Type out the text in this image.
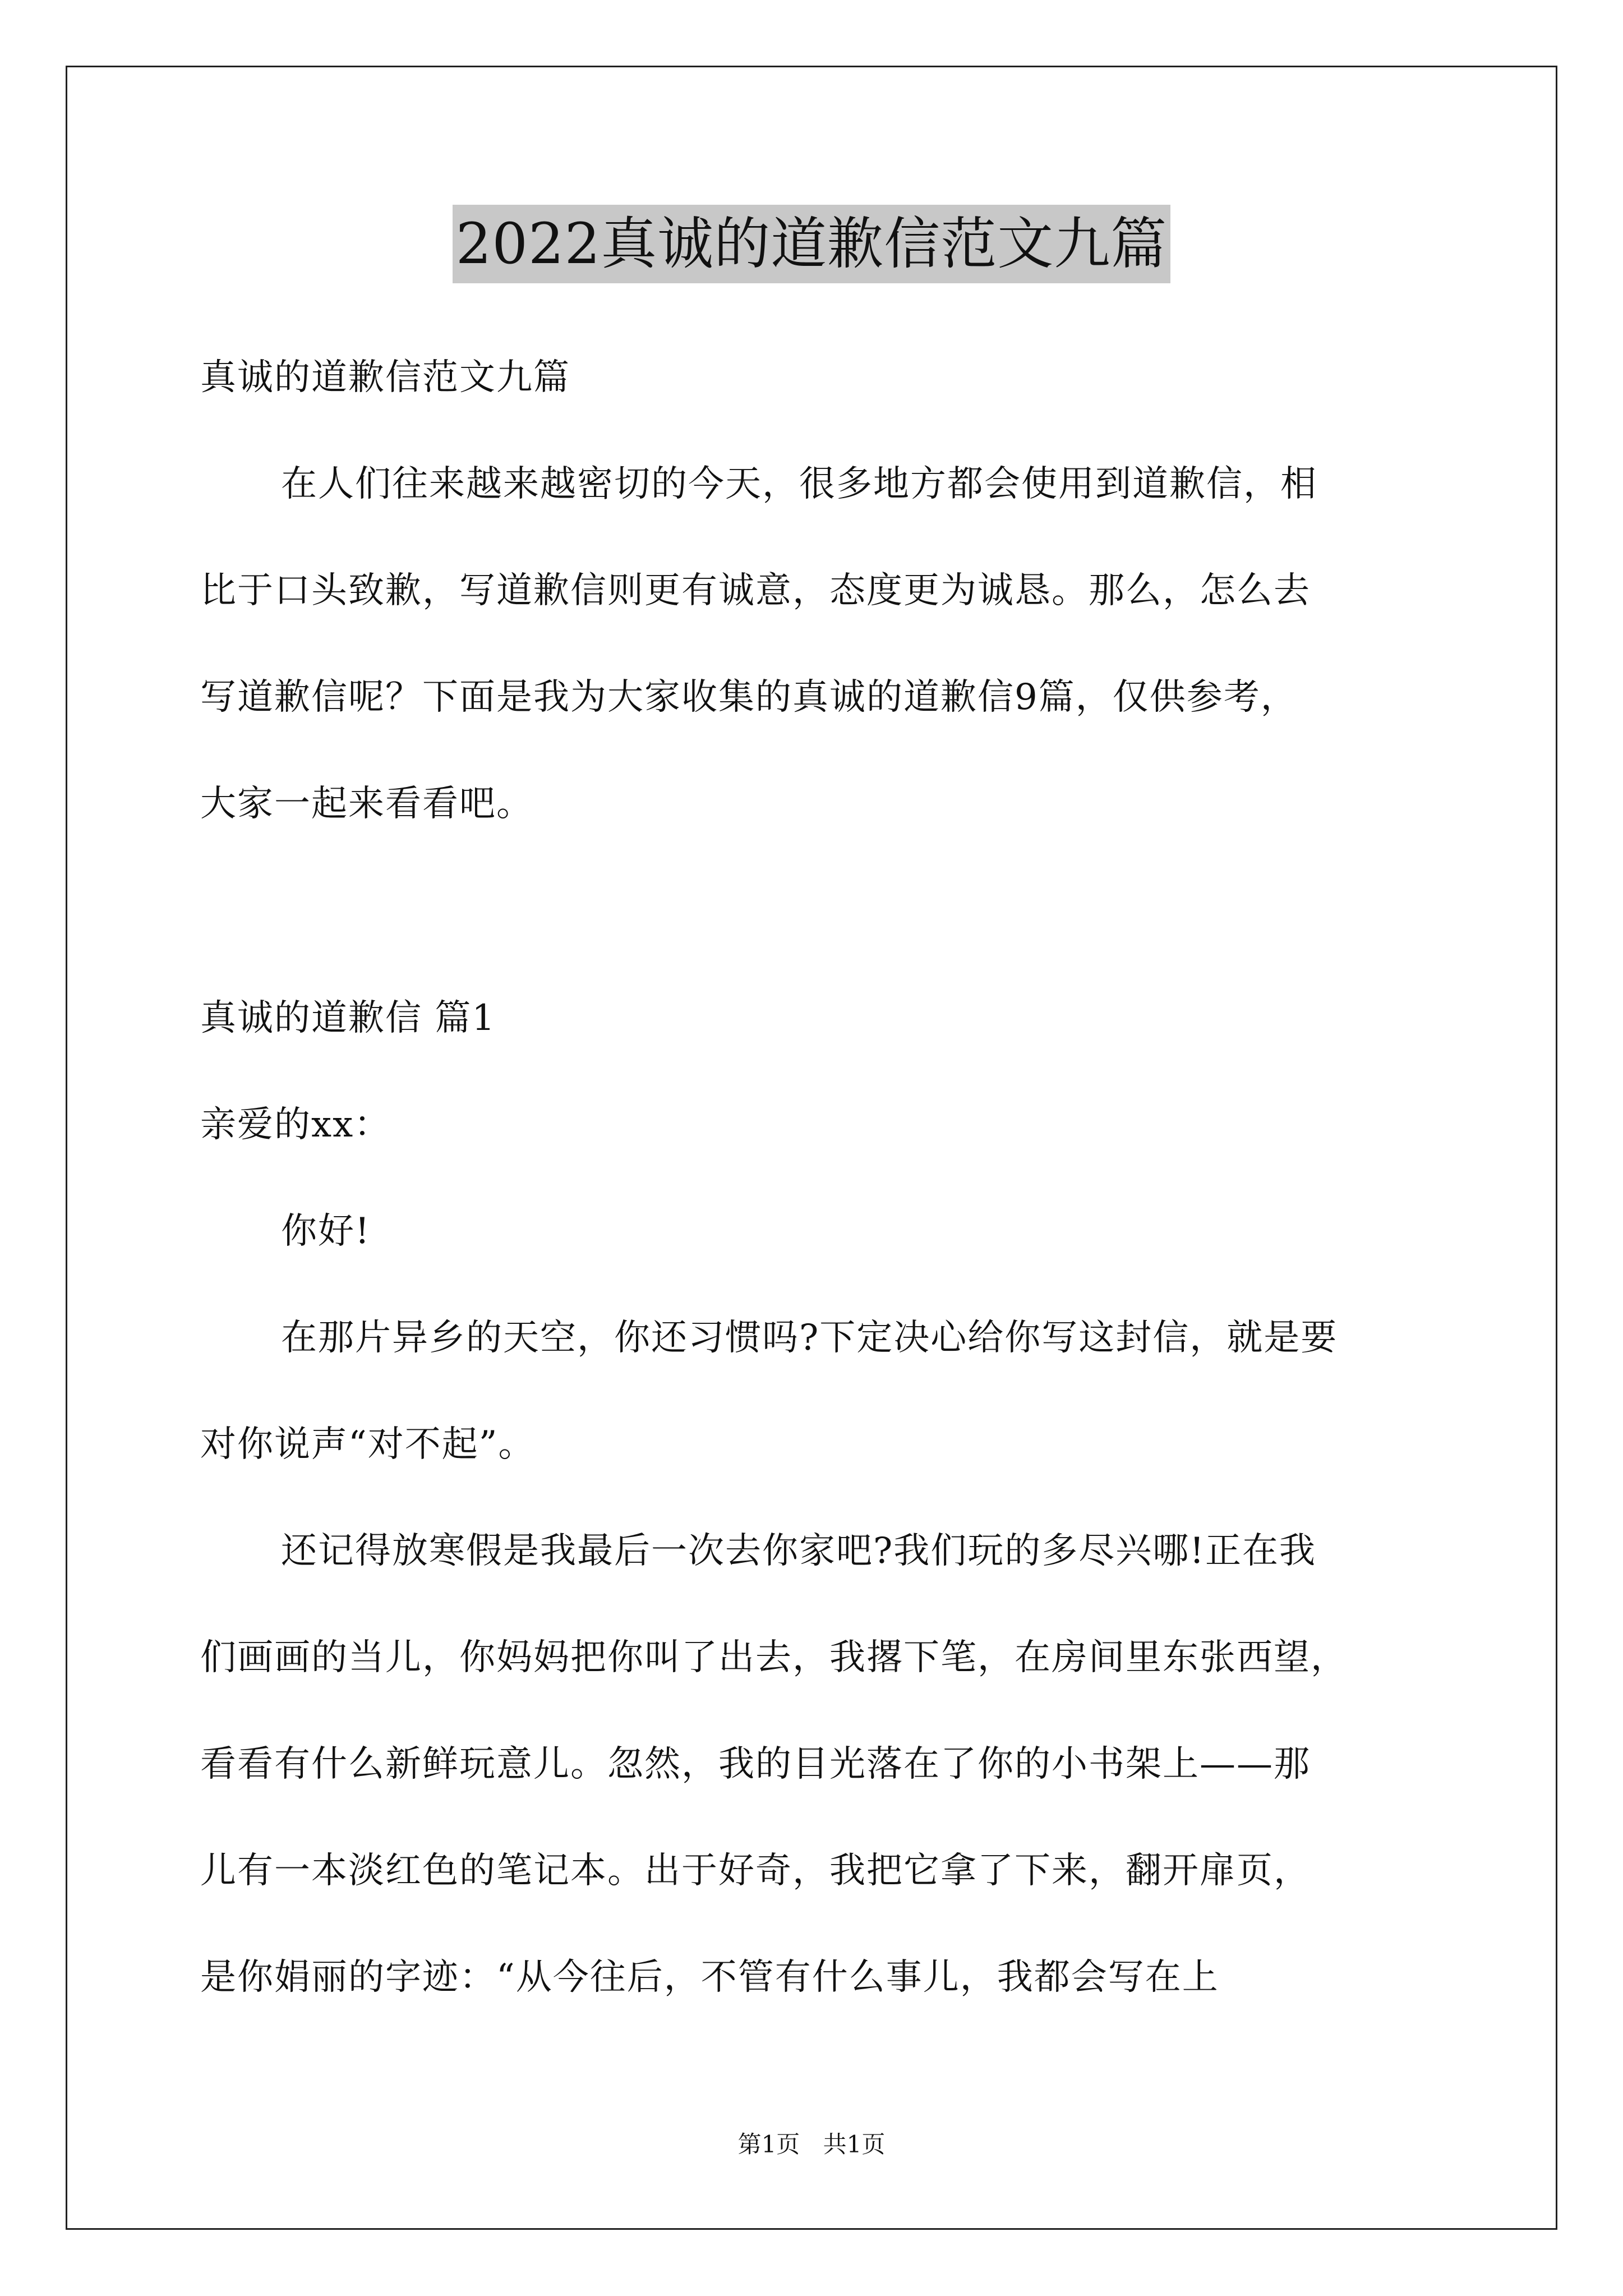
2022真诚的道歉信范文九篇
真诚的道歉信范文九篇
在人们往来越来越密切的今天，很多地方都会使用到道歉信，相
比于口头致歉，写道歉信则更有诚意，态度更为诚恳。那么，怎么去
写道歉信呢？下面是我为大家收集的真诚的道歉信9篇，仅供参考，
大家一起来看看吧。
真诚的道歉信 篇1
亲爱的xx：
你好!
在那片异乡的天空，你还习惯吗?下定决心给你写这封信，就是要
对你说声“对不起”。
还记得放寒假是我最后一次去你家吧?我们玩的多尽兴哪!正在我
们画画的当儿，你妈妈把你叫了出去，我撂下笔，在房间里东张西望，
看看有什么新鲜玩意儿。忽然，我的目光落在了你的小书架上——那
儿有一本淡红色的笔记本。出于好奇，我把它拿了下来，翻开扉页，
是你娟丽的字迹：“从今往后，不管有什么事儿，我都会写在上
第1页 共1页
